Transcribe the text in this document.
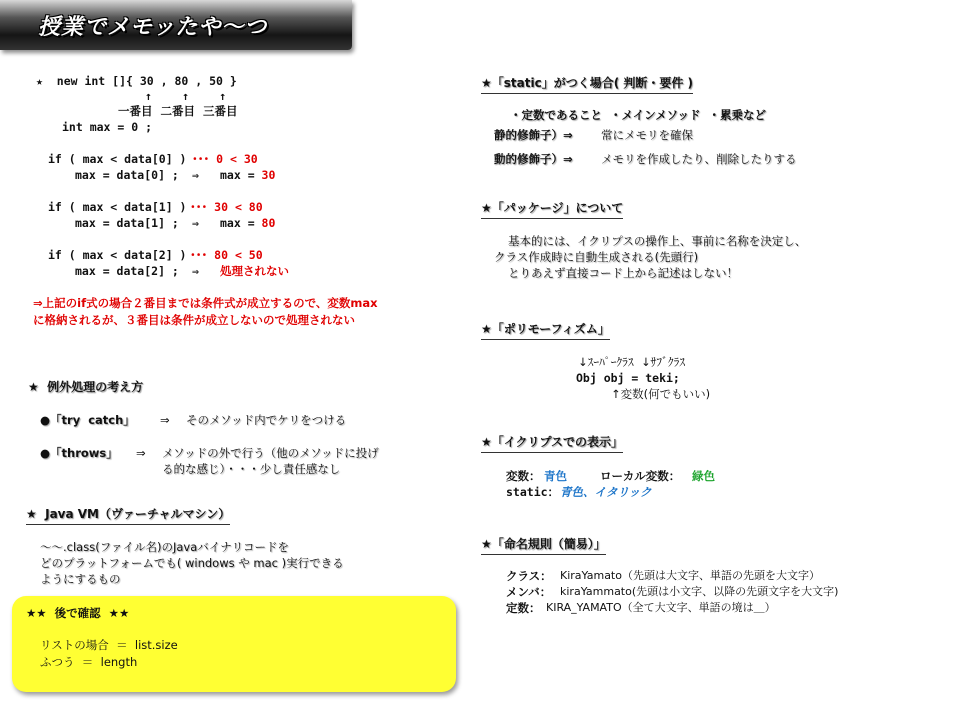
授業でメモッたや～つ
★  new int []{ 30 , 80 , 50 }
↑    ↑    ↑
一番目  二番目  三番目
int max = 0 ;
if ( max < data[0] ) ･･･ 0 < 30
max = data[0] ; ⇒ max = 30
if ( max < data[1] ) ･･･ 30 < 80
max = data[1] ; ⇒ max = 80
if ( max < data[2] ) ･･･ 80 < 50
max = data[2] ; ⇒ 処理されない
⇒上記のif式の場合２番目までは条件式が成立するので、変数max
に格納されるが、３番目は条件が成立しないので処理されない
★  例外処理の考え方
●「try  catch」 ⇒ そのメソッド内でケリをつける
●「throws」 ⇒ メソッドの外で行う（他のメソッドに投げ
る的な感じ）・・・少し責任感なし
★  Java VM（ヴァーチャルマシン）
～～.class(ファイル名)のJavaバイナリコードを
どのプラットフォームでも( windows や mac )実行できる
ようにするもの
★★  後で確認  ★★
リストの場合  ＝  list.size
ふつう  ＝  length
★「static」がつく場合( 判断・要件 )
・定数であること  ・メインメソッド  ・累乗など
静的修飾子）⇒ 常にメモリを確保
動的修飾子）⇒ メモリを作成したり、削除したりする
★「パッケージ」について
基本的には、イクリプスの操作上、事前に名称を決定し、
クラス作成時に自動生成される(先頭行)
とりあえず直接コード上から記述はしない！
★「ポリモーフィズム」
↓ｽｰﾊﾟｰｸﾗｽ  ↓ｻﾌﾞｸﾗｽ
Obj obj = teki;
↑変数(何でもいい)
★「イクリプスでの表示」
変数： 青色	ローカル変数： 緑色
static： 青色、イタリック
★「命名規則（簡易）」
クラス： KiraYamato（先頭は大文字、単語の先頭を大文字）
メンバ： kiraYammato(先頭は小文字、以降の先頭文字を大文字)
定数： KIRA_YAMATO（全て大文字、単語の境は＿）
